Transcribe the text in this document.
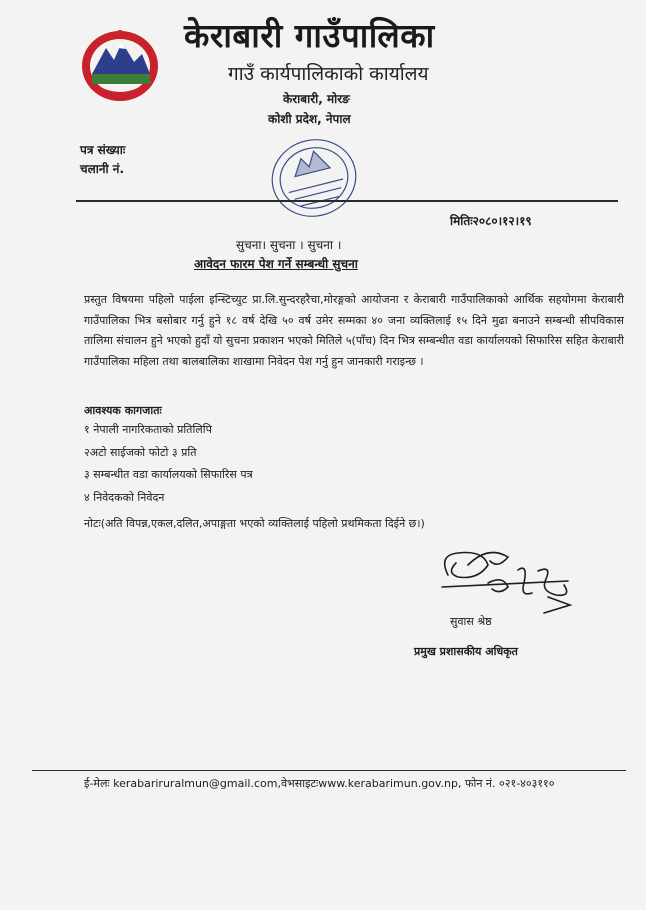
केराबारी गाउँपालिका
गाउँ कार्यपालिकाको कार्यालय
केराबारी, मोरङ
कोशी प्रदेश, नेपाल
पत्र संख्याः
चलानी नं.
मितिः२०८०।१२।१९
सुचना। सुचना । सुचना ।
आवेदन फारम पेश गर्ने सम्बन्धी सुचना
प्रस्तुत विषयमा पहिलो पाईला इन्स्टिच्युट प्रा.लि.सुन्दरहरैचा,मोरङ्गको आयोजना र केराबारी गाउँपालिकाको आर्थिक सहयोगमा केराबारी गाउँपालिका भित्र बसोबार गर्नु हुने १८ वर्ष देखि ५० वर्ष उमेर सम्मका ४० जना व्यक्तिलाई १५ दिने मुढा बनाउने सम्बन्धी सीपविकास तालिमा संचालन हुने भएको हुदाँ यो सुचना प्रकाशन भएको मितिले ५(पाँच) दिन भित्र सम्बन्धीत वडा कार्यालयको सिफारिस सहित केराबारी गाउँपालिका महिला तथा बालबालिका शाखामा निवेदन पेश गर्नु हुन जानकारी गराइन्छ ।
आवश्यक कागजातः
१ नेपाली नागरिकताको प्रतिलिपि
२अटो साईजको फोटो ३ प्रति
३ सम्बन्धीत वडा कार्यालयको सिफारिस पत्र
४ निवेदकको निवेदन
नोटः(अति विपन्न,एकल,दलित,अपाङ्गता भएको व्यक्तिलाई पहिलो प्रथमिकता दिईने छ।)
सुवास श्रेष्ठ
प्रमुख प्रशासकीय अधिकृत
ई-मेलः kerabariruralmun@gmail.com,वेभसाइटःwww.kerabarimun.gov.np, फोन नं. ०२१-४०३११०
